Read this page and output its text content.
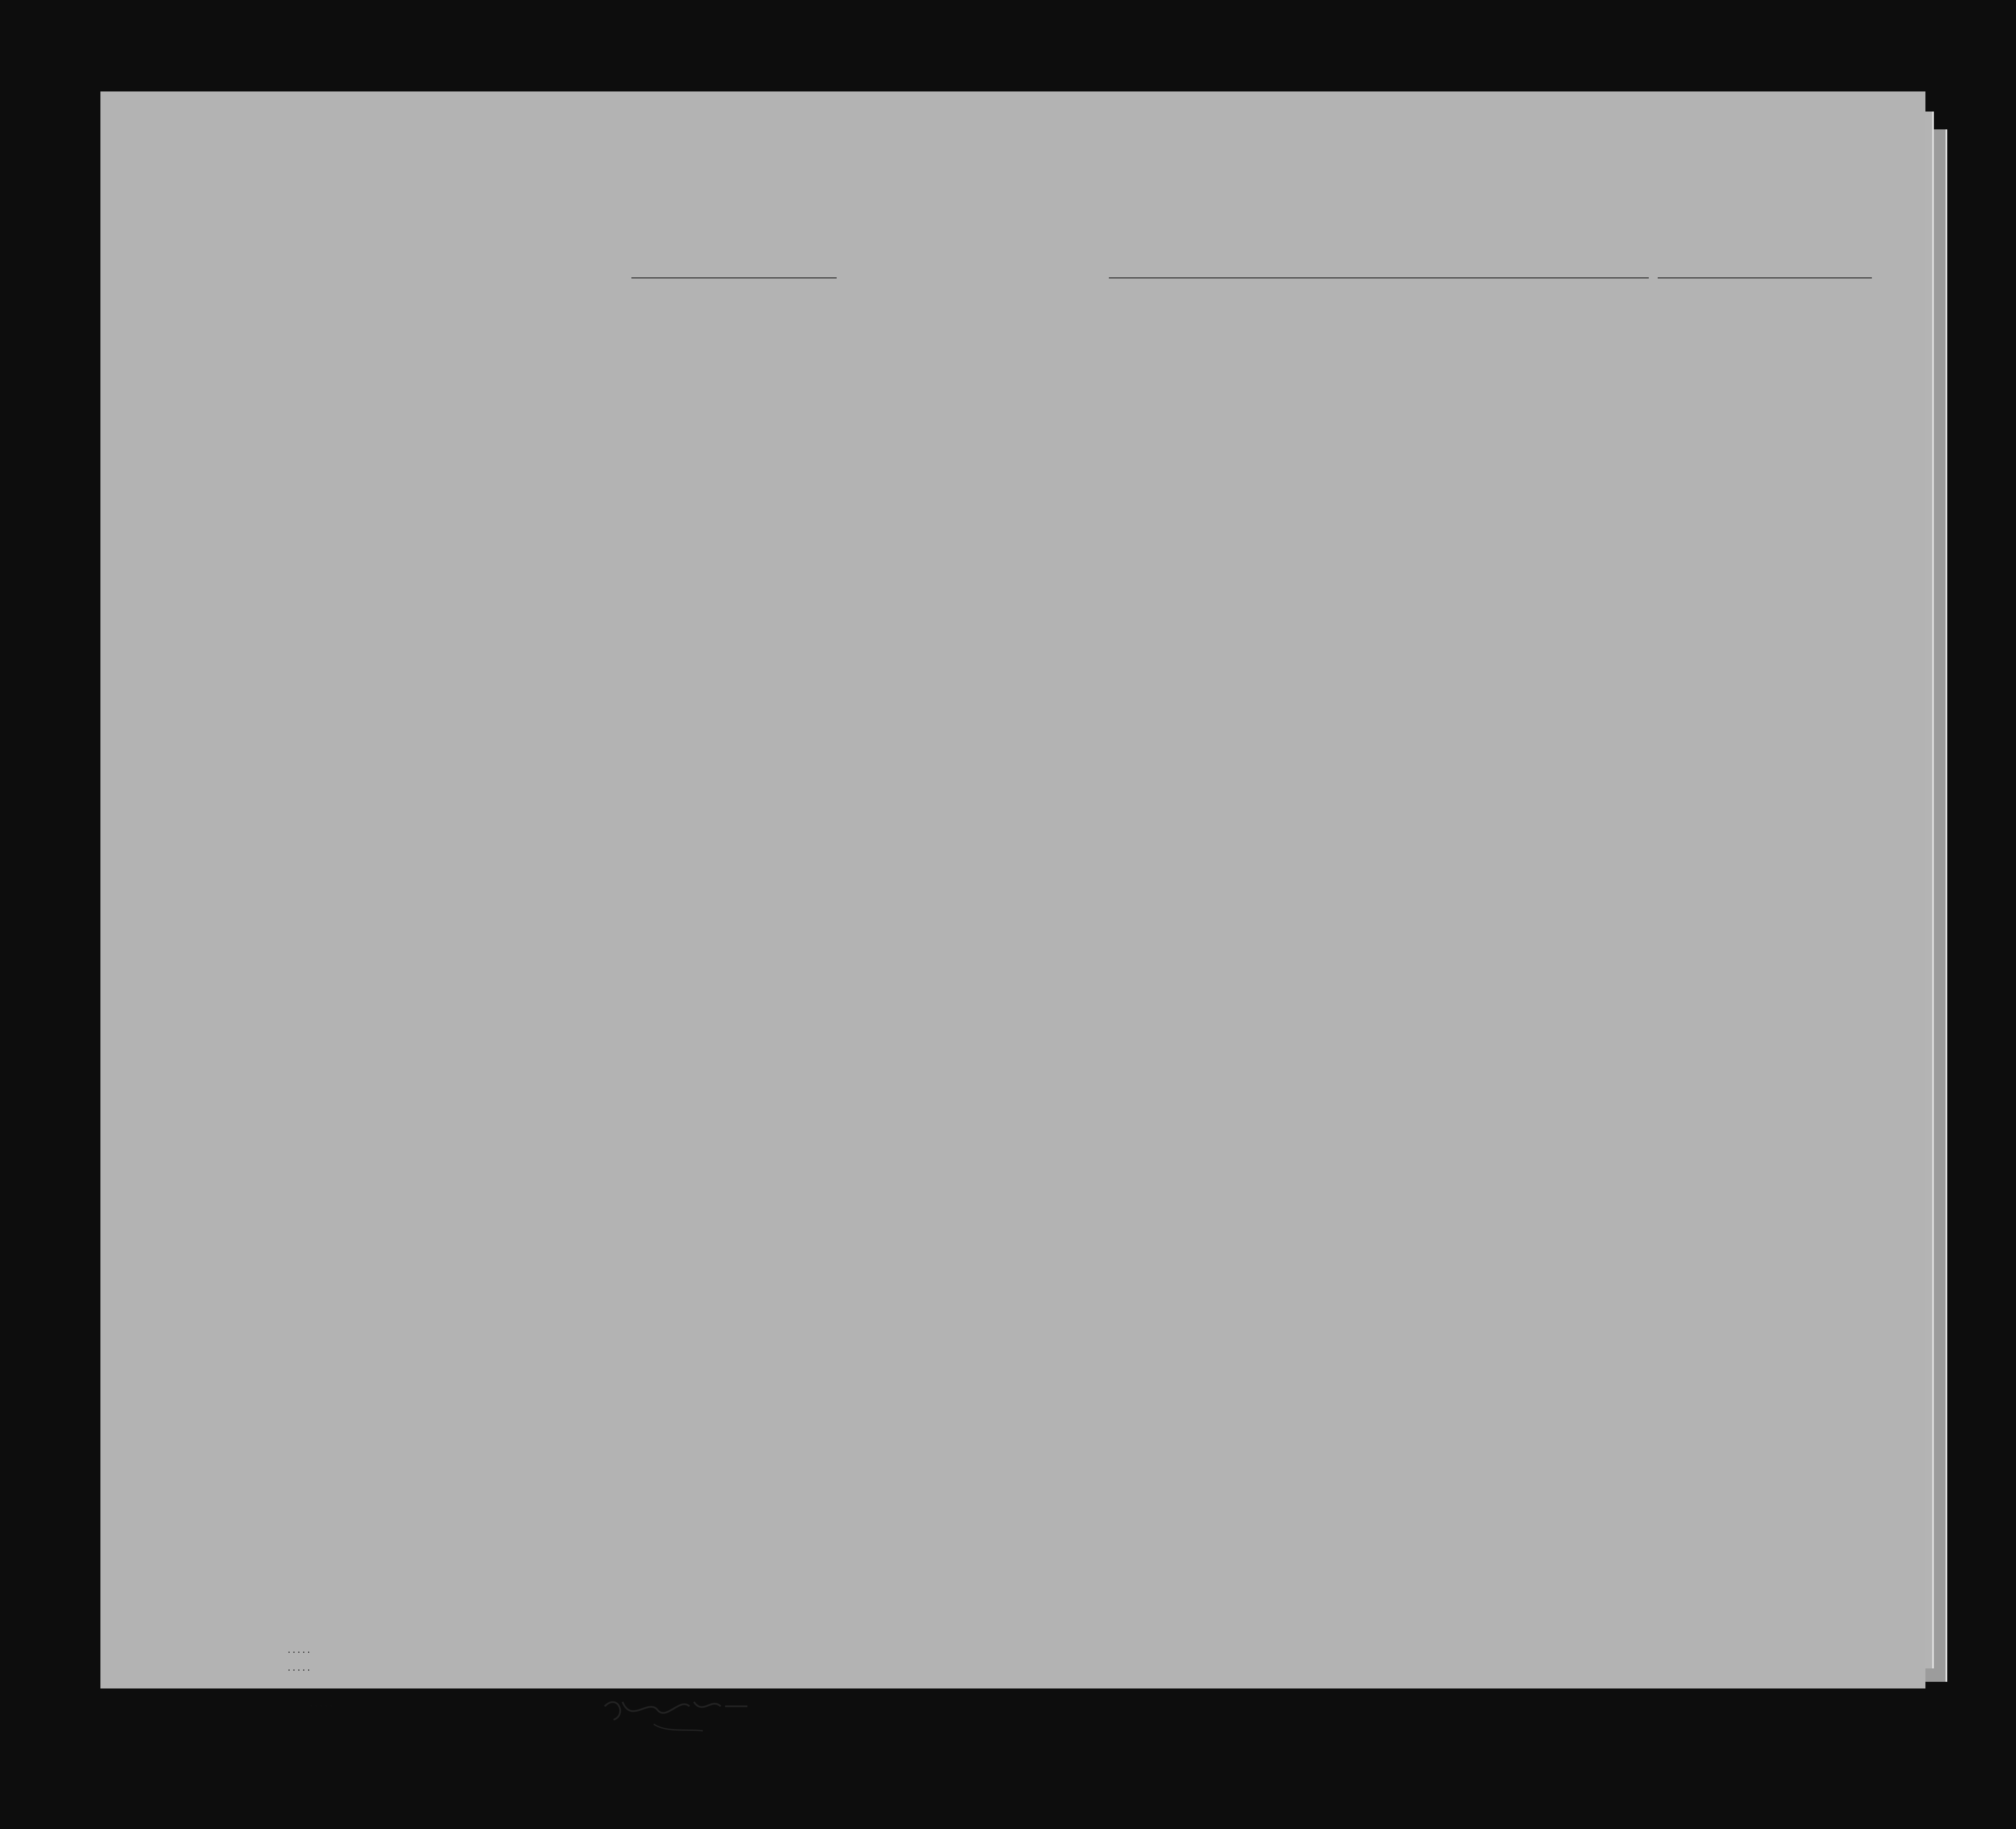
. . . . .
. . . . .
. . . . .
